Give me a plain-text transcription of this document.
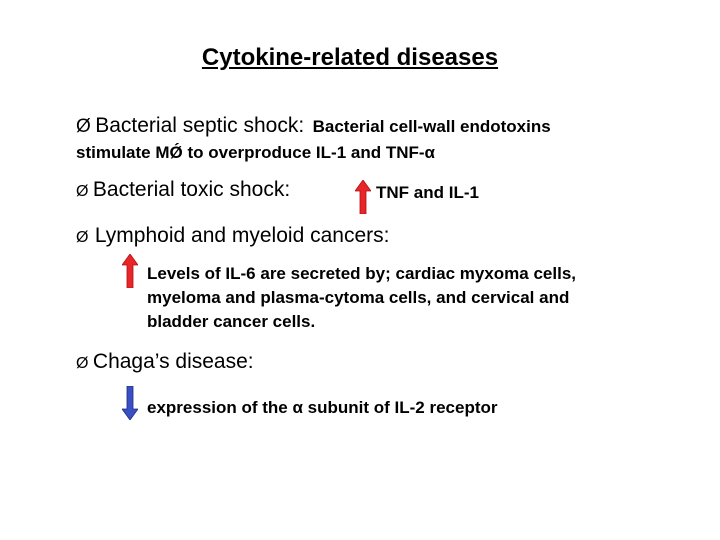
Cytokine-related diseases
Ø Bacterial septic shock: Bacterial cell-wall endotoxins
stimulate MǾ to overproduce IL-1 and TNF-α
Ø Bacterial toxic shock:	TNF and IL-1
Ø Lymphoid and myeloid cancers:
Levels of IL-6 are secreted by; cardiac myxoma cells,
myeloma and plasma-cytoma cells, and cervical and
bladder cancer cells.
Ø Chaga’s disease:
expression of the α subunit of IL-2 receptor
